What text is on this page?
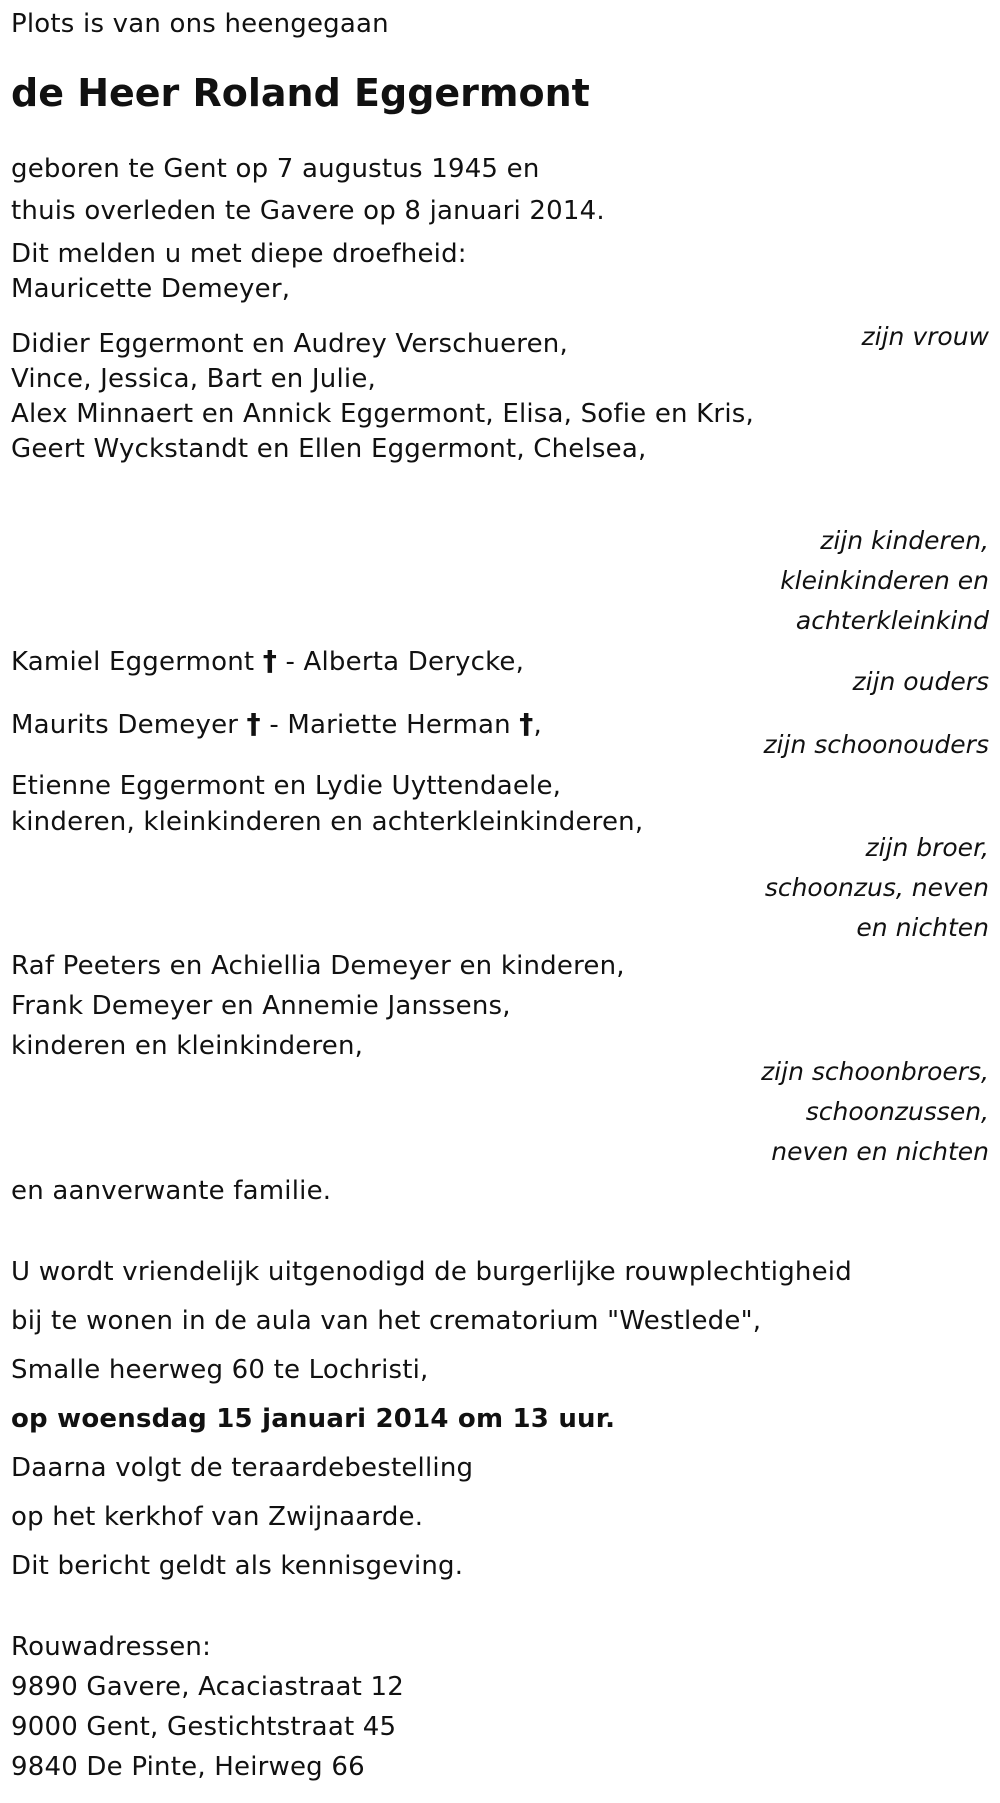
Plots is van ons heengegaan
de Heer Roland Eggermont
geboren te Gent op 7 augustus 1945 en
thuis overleden te Gavere op 8 januari 2014.
Dit melden u met diepe droefheid:
Mauricette Demeyer,
zijn vrouw
Didier Eggermont en Audrey Verschueren,
Vince, Jessica, Bart en Julie,
Alex Minnaert en Annick Eggermont, Elisa, Sofie en Kris,
Geert Wyckstandt en Ellen Eggermont, Chelsea,
zijn kinderen,
kleinkinderen en
achterkleinkind
Kamiel Eggermont † - Alberta Derycke,
zijn ouders
Maurits Demeyer † - Mariette Herman †,
zijn schoonouders
Etienne Eggermont en Lydie Uyttendaele,
kinderen, kleinkinderen en achterkleinkinderen,
zijn broer,
schoonzus, neven
en nichten
Raf Peeters en Achiellia Demeyer en kinderen,
Frank Demeyer en Annemie Janssens,
kinderen en kleinkinderen,
zijn schoonbroers,
schoonzussen,
neven en nichten
en aanverwante familie.
U wordt vriendelijk uitgenodigd de burgerlijke rouwplechtigheid
bij te wonen in de aula van het crematorium "Westlede",
Smalle heerweg 60 te Lochristi,
op woensdag 15 januari 2014 om 13 uur.
Daarna volgt de teraardebestelling
op het kerkhof van Zwijnaarde.
Dit bericht geldt als kennisgeving.
Rouwadressen:
9890 Gavere, Acaciastraat 12
9000 Gent, Gestichtstraat 45
9840 De Pinte, Heirweg 66
